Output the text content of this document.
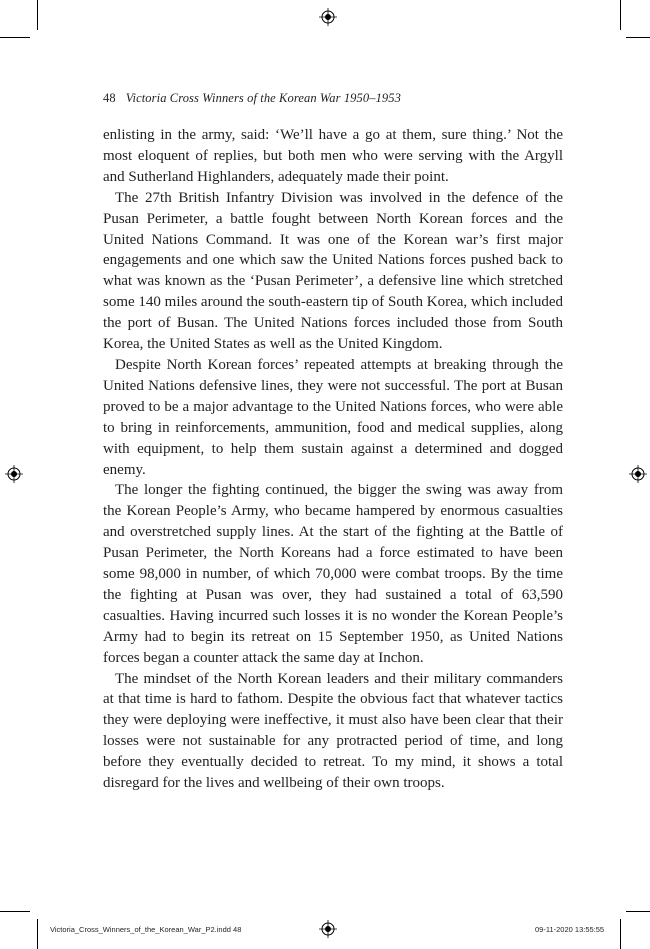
48 Victoria Cross Winners of the Korean War 1950–1953

enlisting in the army, said: ‘We’ll have a go at them, sure thing.’ Not the most eloquent of replies, but both men who were serving with the Argyll and Sutherland Highlanders, adequately made their point.

The 27th British Infantry Division was involved in the defence of the Pusan Perimeter, a battle fought between North Korean forces and the United Nations Command. It was one of the Korean war’s first major engagements and one which saw the United Nations forces pushed back to what was known as the ‘Pusan Perimeter’, a defensive line which stretched some 140 miles around the south-eastern tip of South Korea, which included the port of Busan. The United Nations forces included those from South Korea, the United States as well as the United Kingdom.

Despite North Korean forces’ repeated attempts at breaking through the United Nations defensive lines, they were not successful. The port at Busan proved to be a major advantage to the United Nations forces, who were able to bring in reinforcements, ammunition, food and medical supplies, along with equipment, to help them sustain against a determined and dogged enemy.

The longer the fighting continued, the bigger the swing was away from the Korean People’s Army, who became hampered by enormous casualties and overstretched supply lines. At the start of the fighting at the Battle of Pusan Perimeter, the North Koreans had a force estimated to have been some 98,000 in number, of which 70,000 were combat troops. By the time the fighting at Pusan was over, they had sustained a total of 63,590 casualties. Having incurred such losses it is no wonder the Korean People’s Army had to begin its retreat on 15 September 1950, as United Nations forces began a counter attack the same day at Inchon.

The mindset of the North Korean leaders and their military commanders at that time is hard to fathom. Despite the obvious fact that whatever tactics they were deploying were ineffective, it must also have been clear that their losses were not sustainable for any protracted period of time, and long before they eventually decided to retreat. To my mind, it shows a total disregard for the lives and wellbeing of their own troops.

Victoria_Cross_Winners_of_the_Korean_War_P2.indd 48	09-11-2020 13:55:55
